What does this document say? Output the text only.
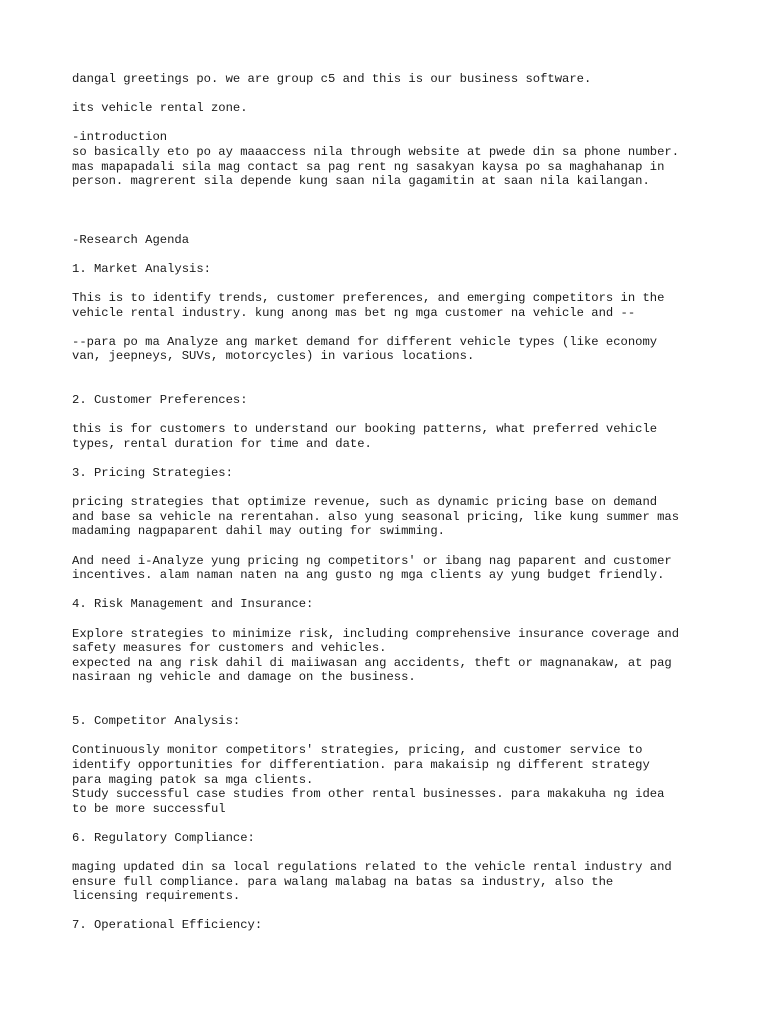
dangal greetings po. we are group c5 and this is our business software.
its vehicle rental zone.
-introduction
so basically eto po ay maaaccess nila through website at pwede din sa phone number.
mas mapapadali sila mag contact sa pag rent ng sasakyan kaysa po sa maghahanap in
person. magrerent sila depende kung saan nila gagamitin at saan nila kailangan.
-Research Agenda
1. Market Analysis:
This is to identify trends, customer preferences, and emerging competitors in the
vehicle rental industry. kung anong mas bet ng mga customer na vehicle and --
--para po ma Analyze ang market demand for different vehicle types (like economy
van, jeepneys, SUVs, motorcycles) in various locations.
2. Customer Preferences:
this is for customers to understand our booking patterns, what preferred vehicle
types, rental duration for time and date.
3. Pricing Strategies:
pricing strategies that optimize revenue, such as dynamic pricing base on demand
and base sa vehicle na rerentahan. also yung seasonal pricing, like kung summer mas
madaming nagpaparent dahil may outing for swimming.
And need i-Analyze yung pricing ng competitors' or ibang nag paparent and customer
incentives. alam naman naten na ang gusto ng mga clients ay yung budget friendly.
4. Risk Management and Insurance:
Explore strategies to minimize risk, including comprehensive insurance coverage and
safety measures for customers and vehicles.
expected na ang risk dahil di maiiwasan ang accidents, theft or magnanakaw, at pag
nasiraan ng vehicle and damage on the business.
5. Competitor Analysis:
Continuously monitor competitors' strategies, pricing, and customer service to
identify opportunities for differentiation. para makaisip ng different strategy
para maging patok sa mga clients.
Study successful case studies from other rental businesses. para makakuha ng idea
to be more successful
6. Regulatory Compliance:
maging updated din sa local regulations related to the vehicle rental industry and
ensure full compliance. para walang malabag na batas sa industry, also the
licensing requirements.
7. Operational Efficiency:
